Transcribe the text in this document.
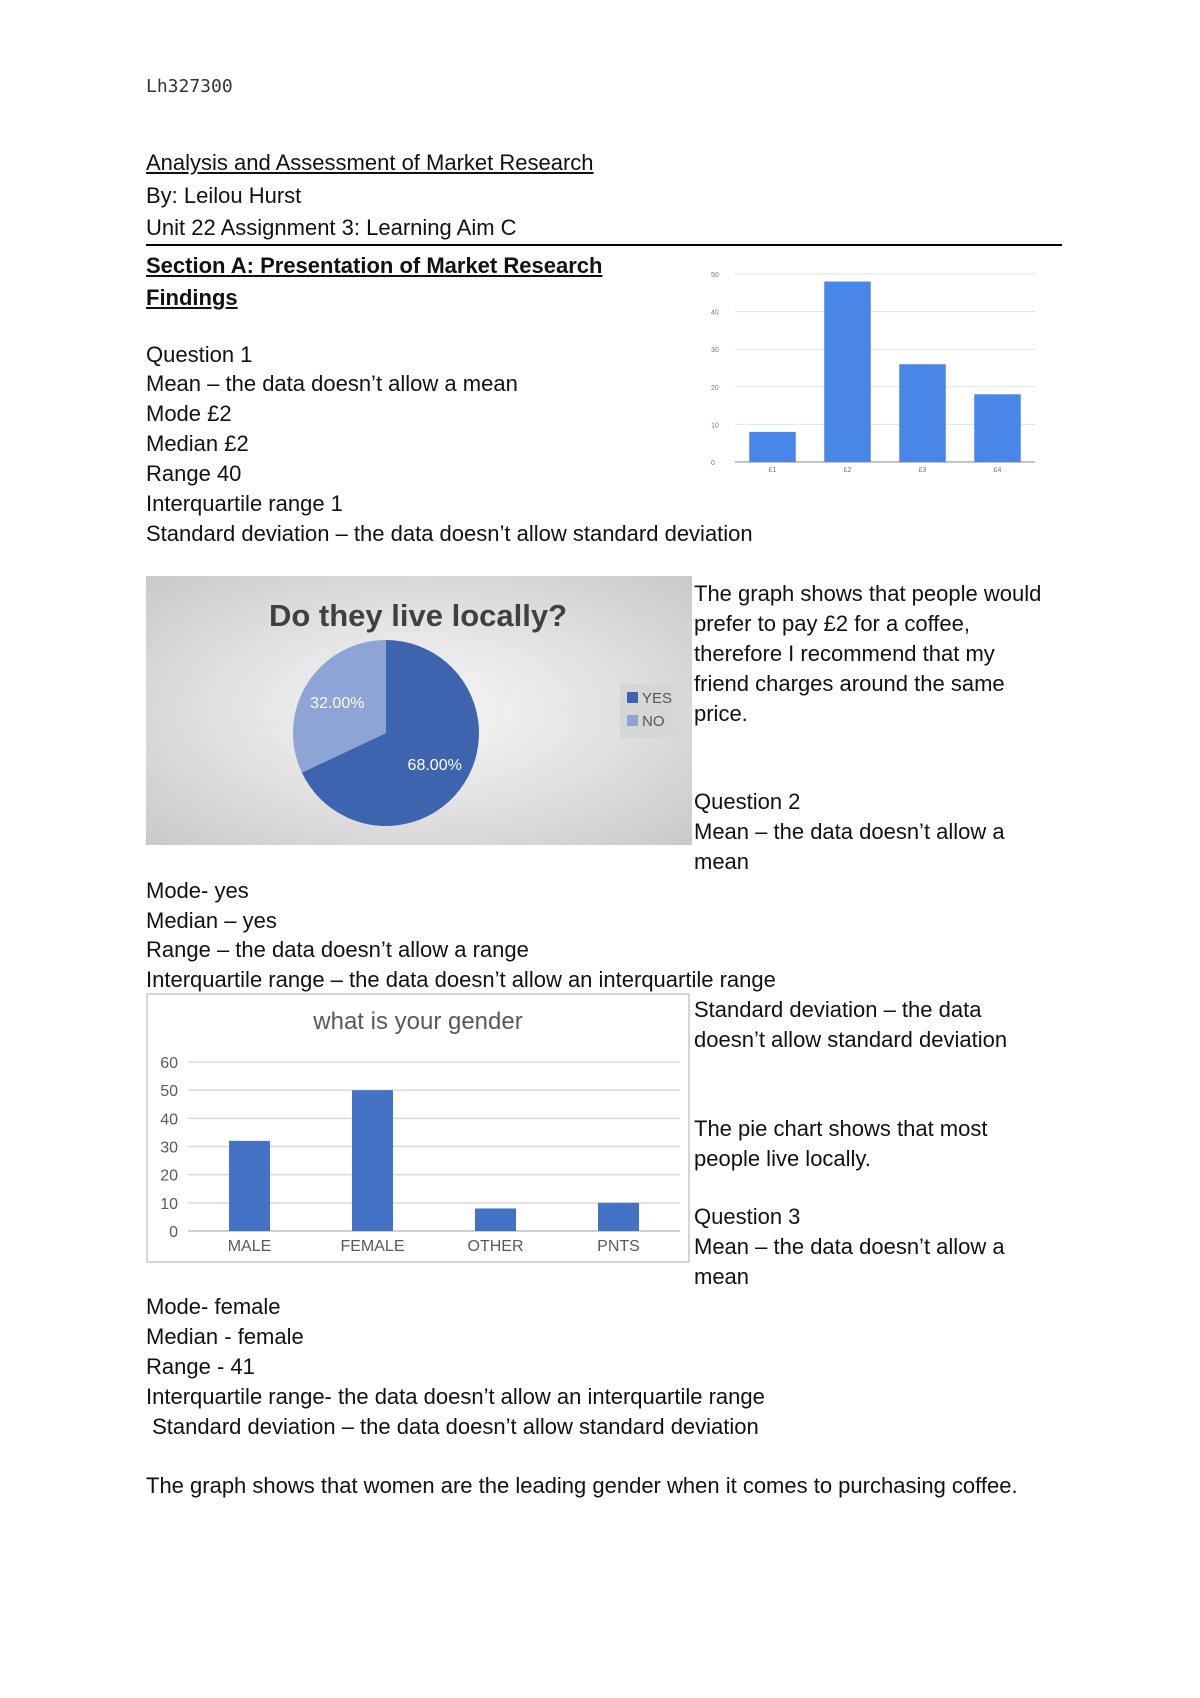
Lh327300
Analysis and Assessment of Market Research
By: Leilou Hurst
Unit 22 Assignment 3: Learning Aim C
Section A: Presentation of Market Research
Findings
Question 1
Mean – the data doesn’t allow a mean
Mode £2
Median £2
Range 40
Interquartile range 1
Standard deviation – the data doesn’t allow standard deviation
0
10
20
30
40
50
£1	£2	£3	£4
The graph shows that people would
prefer to pay £2 for a coffee,
therefore I recommend that my
friend charges around the same
price.
Do they live locally?
68.00%
32.00%	YES
NO
Question 2
Mean – the data doesn’t allow a
mean
Mode- yes
Median – yes
Range – the data doesn’t allow a range
Interquartile range – the data doesn’t allow an interquartile range
what is your gender
0
10
20
30
40
50
60
MALE	FEMALE	OTHER	PNTS
Standard deviation – the data
doesn’t allow standard deviation
The pie chart shows that most
people live locally.
Question 3
Mean – the data doesn’t allow a
mean
Mode- female
Median - female
Range - 41
Interquartile range- the data doesn’t allow an interquartile range
Standard deviation – the data doesn’t allow standard deviation
The graph shows that women are the leading gender when it comes to purchasing coffee.
